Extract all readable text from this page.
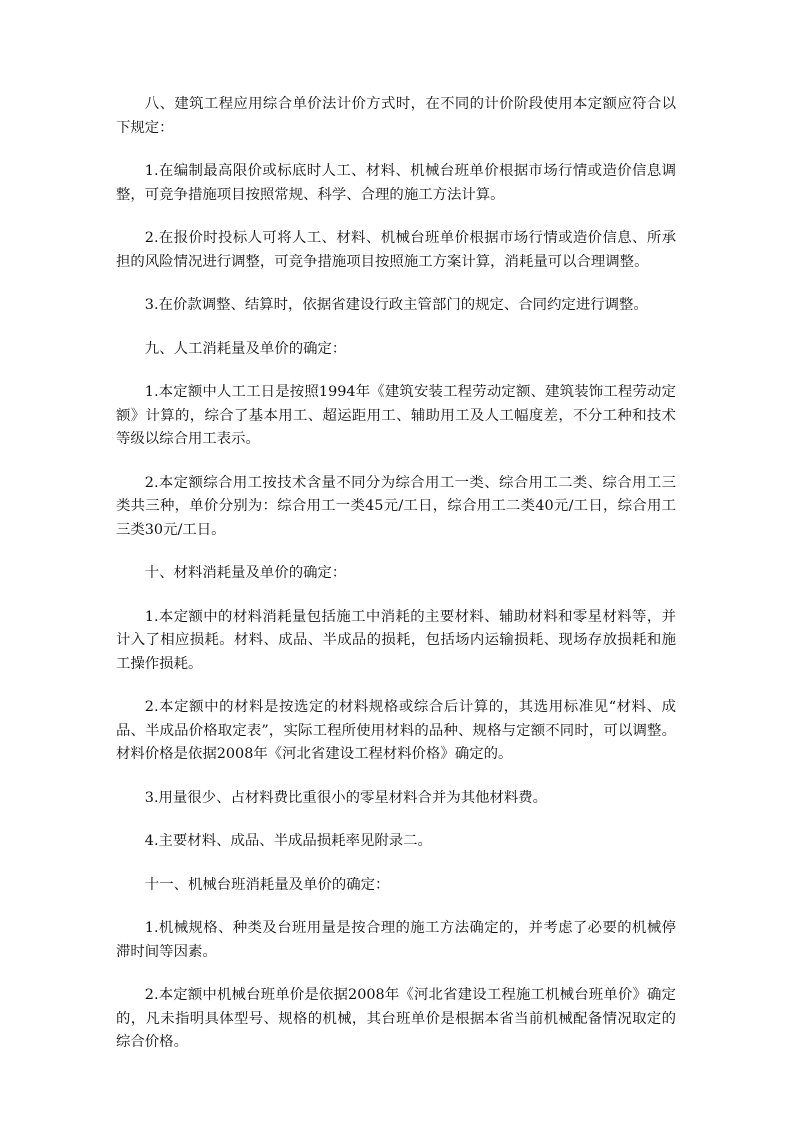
八、建筑工程应用综合单价法计价方式时，在不同的计价阶段使用本定额应符合以下规定：

1.在编制最高限价或标底时人工、材料、机械台班单价根据市场行情或造价信息调整，可竞争措施项目按照常规、科学、合理的施工方法计算。

2.在报价时投标人可将人工、材料、机械台班单价根据市场行情或造价信息、所承担的风险情况进行调整，可竞争措施项目按照施工方案计算，消耗量可以合理调整。

3.在价款调整、结算时，依据省建设行政主管部门的规定、合同约定进行调整。

九、人工消耗量及单价的确定：

1.本定额中人工工日是按照1994年《建筑安装工程劳动定额、建筑装饰工程劳动定额》计算的，综合了基本用工、超运距用工、辅助用工及人工幅度差，不分工种和技术等级以综合用工表示。

2.本定额综合用工按技术含量不同分为综合用工一类、综合用工二类、综合用工三类共三种，单价分别为：综合用工一类45元/工日，综合用工二类40元/工日，综合用工三类30元/工日。

十、材料消耗量及单价的确定：

1.本定额中的材料消耗量包括施工中消耗的主要材料、辅助材料和零星材料等，并计入了相应损耗。材料、成品、半成品的损耗，包括场内运输损耗、现场存放损耗和施工操作损耗。

2.本定额中的材料是按选定的材料规格或综合后计算的，其选用标准见“材料、成品、半成品价格取定表”，实际工程所使用材料的品种、规格与定额不同时，可以调整。材料价格是依据2008年《河北省建设工程材料价格》确定的。

3.用量很少、占材料费比重很小的零星材料合并为其他材料费。

4.主要材料、成品、半成品损耗率见附录二。

十一、机械台班消耗量及单价的确定：

1.机械规格、种类及台班用量是按合理的施工方法确定的，并考虑了必要的机械停滞时间等因素。

2.本定额中机械台班单价是依据2008年《河北省建设工程施工机械台班单价》确定的，凡未指明具体型号、规格的机械，其台班单价是根据本省当前机械配备情况取定的综合价格。
